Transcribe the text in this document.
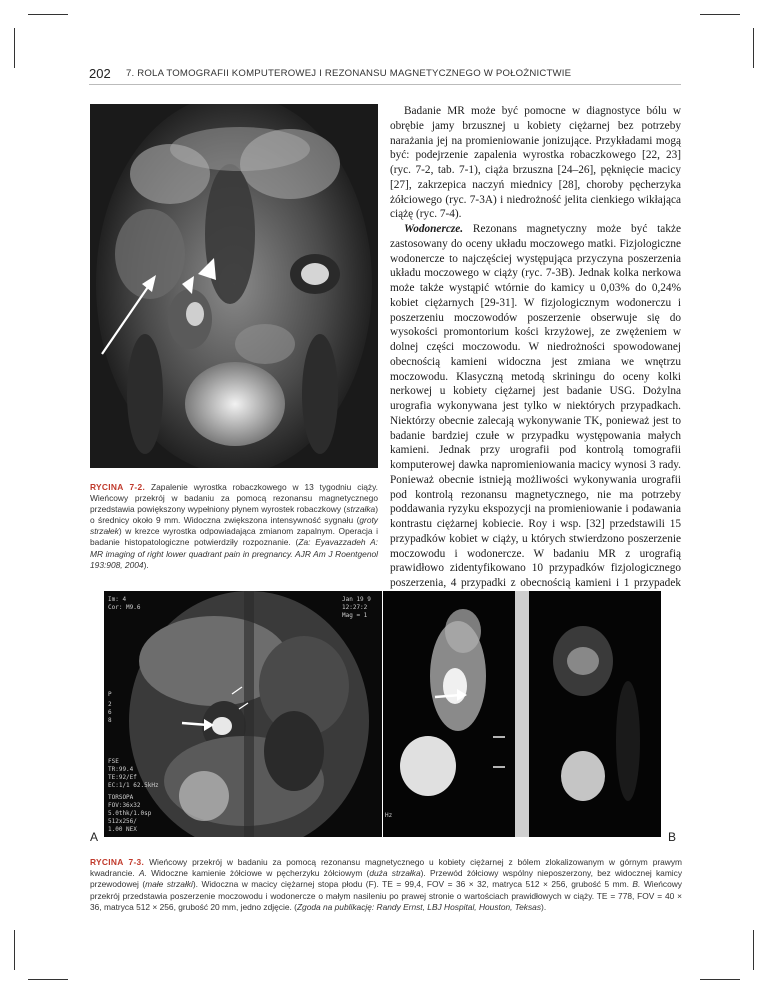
202 7. ROLA TOMOGRAFII KOMPUTEROWEJ I REZONANSU MAGNETYCZNEGO W POŁOŻNICTWIE
RYCINA 7-2. Zapalenie wyrostka robaczkowego w 13 tygodniu ciąży. Wieńcowy przekrój w badaniu za pomocą rezonansu magnetycznego przedstawia powiększony wypełniony płynem wyrostek robaczkowy (strzałka) o średnicy około 9 mm. Widoczna zwiększona intensywność sygnału (groty strzałek) w krezce wyrostka odpowiadająca zmianom zapalnym. Operacja i badanie histopatologiczne potwierdziły rozpoznanie. (Za: Eyavazzadeh A: MR imaging of right lower quadrant pain in pregnancy. AJR Am J Roentgenol 193:908, 2004).

Badanie MR może być pomocne w diagnostyce bólu w obrębie jamy brzusznej u kobiety ciężarnej bez potrzeby narażania jej na promieniowanie jonizujące. Przykładami mogą być: podejrzenie zapalenia wyrostka robaczkowego [22, 23] (ryc. 7-2, tab. 7-1), ciąża brzuszna [24–26], pęknięcie macicy [27], zakrzepica naczyń miednicy [28], choroby pęcherzyka żółciowego (ryc. 7-3A) i niedrożność jelita cienkiego wikłająca ciążę (ryc. 7-4).

Wodonercze. Rezonans magnetyczny może być także zastosowany do oceny układu moczowego matki. Fizjologiczne wodonercze to najczęściej występująca przyczyna poszerzenia układu moczowego w ciąży (ryc. 7-3B). Jednak kolka nerkowa może także wystąpić wtórnie do kamicy u 0,03% do 0,24% kobiet ciężarnych [29-31]. W fizjologicznym wodonerczu i poszerzeniu moczowodów poszerzenie obserwuje się do wysokości promontorium kości krzyżowej, ze zwężeniem w dolnej części moczowodu. W niedrożności spowodowanej obecnością kamieni widoczna jest zmiana we wnętrzu moczowodu. Klasyczną metodą skriningu do oceny kolki nerkowej u kobiety ciężarnej jest badanie USG. Dożylna urografia wykonywana jest tylko w niektórych przypadkach. Niektórzy obecnie zalecają wykonywanie TK, ponieważ jest to badanie bardziej czułe w przypadku występowania małych kamieni. Jednak przy urografii pod kontrolą tomografii komputerowej dawka napromieniowania macicy wynosi 3 rady. Ponieważ obecnie istnieją możliwości wykonywania urografii pod kontrolą rezonansu magnetycznego, nie ma potrzeby poddawania ryzyku ekspozycji na promieniowanie i podawania kontrastu ciężarnej kobiecie. Roy i wsp. [32] przedstawili 15 przypadków kobiet w ciąży, u których stwierdzono poszerzenie moczowodu i wodonercze. W badaniu MR z urografią prawidłowo zidentyfikowano 10 przypadków fizjologicznego poszerzenia, 4 przypadki z obecnością kamieni i 1 przypadek

Im: 4
Cor: M9.6
Jan 19 9
12:27:2
Mag = 1
P
2
6
8
FSE
TR:99.4
TE:92/Ef
EC:1/1 62.5kHz
TORSOPA
FOV:36x32
5.0thk/1.0sp
512x256/
1.00 NEX
Hz
A	B
RYCINA 7-3. Wieńcowy przekrój w badaniu za pomocą rezonansu magnetycznego u kobiety ciężarnej z bólem zlokalizowanym w górnym prawym kwadrancie. A. Widoczne kamienie żółciowe w pęcherzyku żółciowym (duża strzałka). Przewód żółciowy wspólny nieposzerzony, bez widocznej kamicy przewodowej (małe strzałki). Widoczna w macicy ciężarnej stopa płodu (F). TE = 99,4, FOV = 36 × 32, matryca 512 × 256, grubość 5 mm. B. Wieńcowy przekrój przedstawia poszerzenie moczowodu i wodonercze o małym nasileniu po prawej stronie o wartościach prawidłowych w ciąży. TE = 778, FOV = 40 × 36, matryca 512 × 256, grubość 20 mm, jedno zdjęcie. (Zgoda na publikację: Randy Ernst, LBJ Hospital, Houston, Teksas).
